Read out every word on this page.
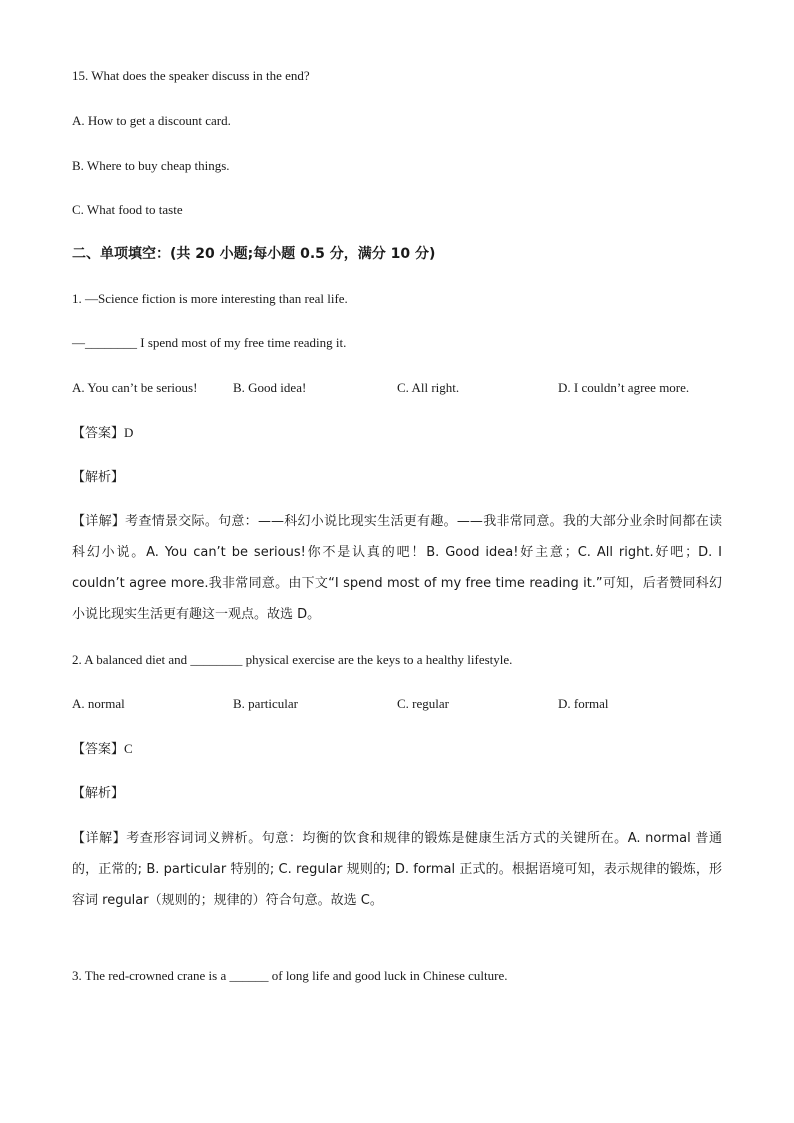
15. What does the speaker discuss in the end?
A. How to get a discount card.
B. Where to buy cheap things.
C. What food to taste
二、单项填空：(共 20 小题;每小题 0.5 分，满分 10 分)
1. —Science fiction is more interesting than real life.
—________ I spend most of my free time reading it.
A. You can’t be serious!	B. Good idea!	C. All right.	D. I couldn’t agree more.
【答案】D
【解析】
【详解】考查情景交际。句意：——科幻小说比现实生活更有趣。——我非常同意。我的大部分业余时间都在读科幻小说。A. You can’t be serious!你不是认真的吧！B. Good idea!好主意；C. All right.好吧；D. I couldn’t agree more.我非常同意。由下文“I spend most of my free time reading it.”可知，后者赞同科幻小说比现实生活更有趣这一观点。故选 D。
2. A balanced diet and ________ physical exercise are the keys to a healthy lifestyle.
A. normal	B. particular	C. regular	D. formal
【答案】C
【解析】
【详解】考查形容词词义辨析。句意：均衡的饮食和规律的锻炼是健康生活方式的关键所在。A. normal 普通的，正常的; B. particular 特别的; C. regular 规则的; D. formal 正式的。根据语境可知，表示规律的锻炼，形容词 regular（规则的；规律的）符合句意。故选 C。
3. The red-crowned crane is a ______ of long life and good luck in Chinese culture.
